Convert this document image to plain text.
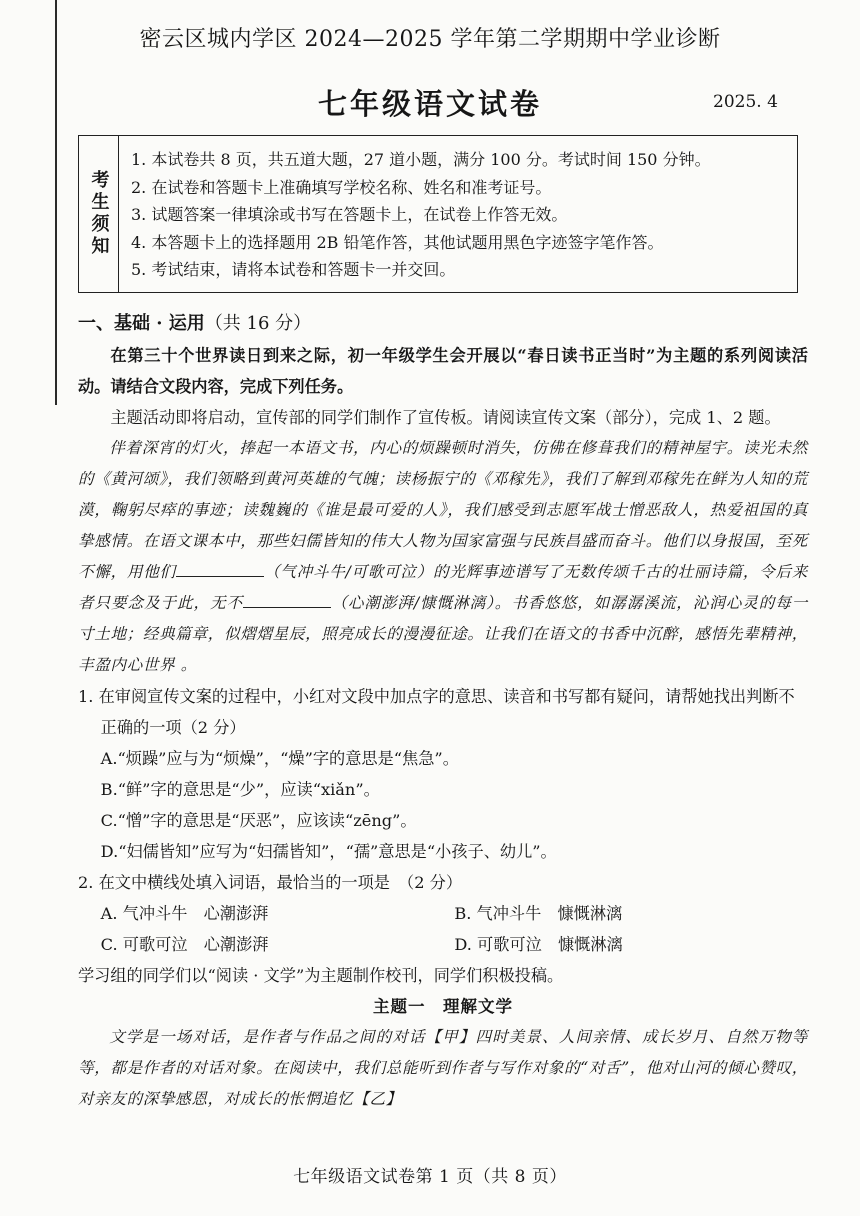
密云区城内学区 2024—2025 学年第二学期期中学业诊断
七年级语文试卷	2025. 4
考生须知
1. 本试卷共 8 页，共五道大题，27 道小题，满分 100 分。考试时间 150 分钟。
2. 在试卷和答题卡上准确填写学校名称、姓名和准考证号。
3. 试题答案一律填涂或书写在答题卡上，在试卷上作答无效。
4. 本答题卡上的选择题用 2B 铅笔作答，其他试题用黑色字迹签字笔作答。
5. 考试结束，请将本试卷和答题卡一并交回。
一、基础 · 运用（共 16 分）

在第三十个世界读日到来之际，初一年级学生会开展以“春日读书正当时”为主题的系列阅读活动。请结合文段内容，完成下列任务。

主题活动即将启动，宣传部的同学们制作了宣传板。请阅读宣传文案（部分），完成 1、2 题。

伴着深宵的灯火，捧起一本语文书，内心的烦躁顿时消失，仿佛在修葺我们的精神屋宇。读光未然的《黄河颂》，我们领略到黄河英雄的气魄；读杨振宁的《邓稼先》，我们了解到邓稼先在鲜为人知的荒漠，鞠躬尽瘁的事迹；读魏巍的《谁是最可爱的人》，我们感受到志愿军战士憎恶敌人，热爱祖国的真挚感情。在语文课本中，那些妇儒皆知的伟大人物为国家富强与民族昌盛而奋斗。他们以身报国，至死不懈，用他们	（气冲斗牛/可歌可泣）的光辉事迹谱写了无数传颂千古的壮丽诗篇，令后来者只要念及于此，无不	（心潮澎湃/慷慨淋漓）。书香悠悠，如潺潺溪流，沁润心灵的每一寸土地；经典篇章，似熠熠星辰，照亮成长的漫漫征途。让我们在语文的书香中沉醉，感悟先辈精神，丰盈内心世界 。

1. 在审阅宣传文案的过程中，小红对文段中加点字的意思、读音和书写都有疑问，请帮她找出判断不正确的一项（2 分）

A.“烦躁”应与为“烦燥”，“燥”字的意思是“焦急”。

B.“鲜”字的意思是“少”，应读“xiǎn”。

C.“憎”字的意思是“厌恶”，应该读“zēng”。

D.“妇儒皆知”应写为“妇孺皆知”，“孺”意思是“小孩子、幼儿”。

2. 在文中横线处填入词语，最恰当的一项是　（2 分）

A. 气冲斗牛　心潮澎湃	B. 气冲斗牛　慷慨淋漓
C. 可歌可泣　心潮澎湃	D. 可歌可泣　慷慨淋漓

学习组的同学们以“阅读 · 文学”为主题制作校刊，同学们积极投稿。

主题一　理解文学

文学是一场对话，是作者与作品之间的对话【甲】四时美景、人间亲情、成长岁月、自然万物等等，都是作者的对话对象。在阅读中，我们总能听到作者与写作对象的“对舌”，他对山河的倾心赞叹，对亲友的深挚感恩，对成长的怅惘追忆【乙】

七年级语文试卷第 1 页（共 8 页）
